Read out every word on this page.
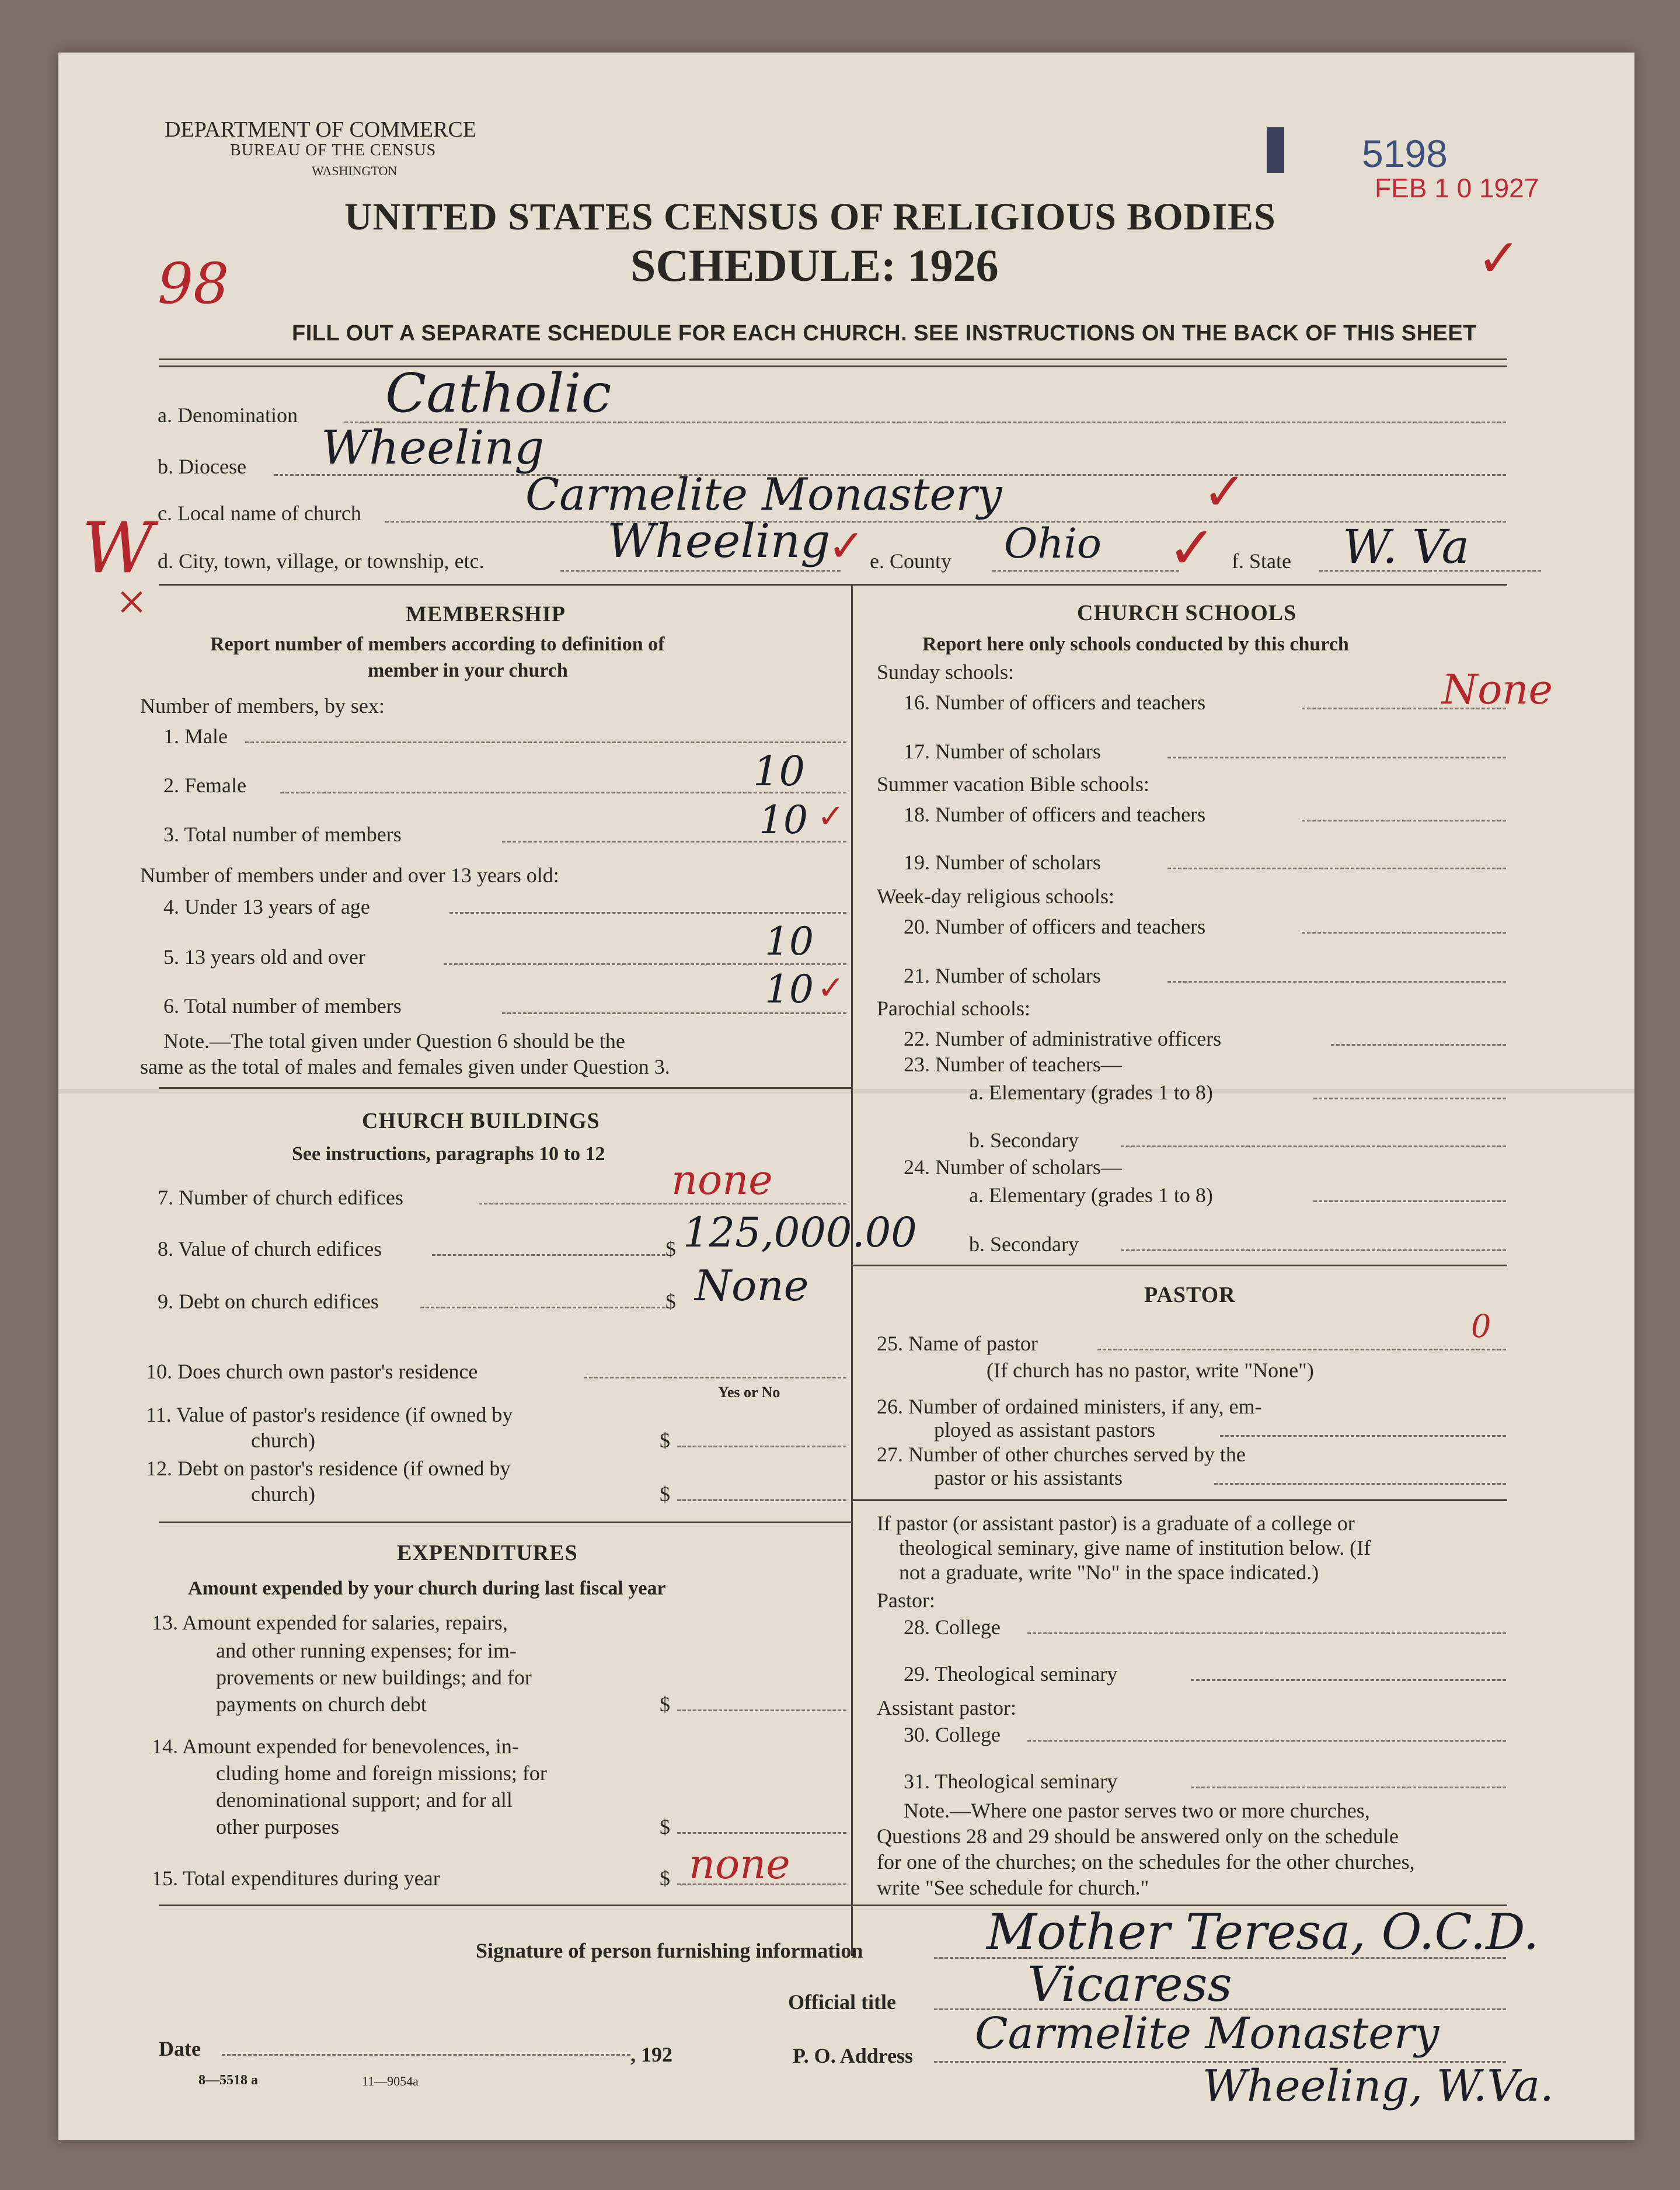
DEPARTMENT OF COMMERCE
BUREAU OF THE CENSUS
WASHINGTON	5198
FEB 1 0 1927
UNITED STATES CENSUS OF RELIGIOUS BODIES
98	SCHEDULE: 1926	✓
FILL OUT A SEPARATE SCHEDULE FOR EACH CHURCH. SEE INSTRUCTIONS ON THE BACK OF THIS SHEET
a. Denomination Catholic
b. Diocese Wheeling
c. Local name of church	Carmelite Monastery	✓
W
×
d. City, town, village, or township, etc.	Wheeling
✓ e. County Ohio ✓ f. State W. Va
MEMBERSHIP
Report number of members according to definition of
member in your church
Number of members, by sex:
1. Male
2. Female	10
3. Total number of members	10 ✓
Number of members under and over 13 years old:
4. Under 13 years of age
5. 13 years old and over	10
6. Total number of members	10 ✓
Note.—The total given under Question 6 should be the
same as the total of males and females given under Question 3.
CHURCH BUILDINGS
See instructions, paragraphs 10 to 12
7. Number of church edifices	none
8. Value of church edifices	$ 125,000.00
9. Debt on church edifices	$ None
10. Does church own pastor's residence
Yes or No
11. Value of pastor's residence (if owned by
church)	$
12. Debt on pastor's residence (if owned by
church)	$
EXPENDITURES
Amount expended by your church during last fiscal year
13. Amount expended for salaries, repairs,
and other running expenses; for im-
provements or new buildings; and for
payments on church debt	$
14. Amount expended for benevolences, in-
cluding home and foreign missions; for
denominational support; and for all
other purposes	$
15. Total expenditures during year	$ none
CHURCH SCHOOLS
Report here only schools conducted by this church
Sunday schools:
16. Number of officers and teachers	None
17. Number of scholars
Summer vacation Bible schools:
18. Number of officers and teachers
19. Number of scholars
Week-day religious schools:
20. Number of officers and teachers
21. Number of scholars
Parochial schools:
22. Number of administrative officers
23. Number of teachers—
a. Elementary (grades 1 to 8)
b. Secondary
24. Number of scholars—
a. Elementary (grades 1 to 8)
b. Secondary
PASTOR
25. Name of pastor	0
(If church has no pastor, write "None")
26. Number of ordained ministers, if any, em-
ployed as assistant pastors
27. Number of other churches served by the
pastor or his assistants
If pastor (or assistant pastor) is a graduate of a college or
theological seminary, give name of institution below. (If
not a graduate, write "No" in the space indicated.)
Pastor:
28. College
29. Theological seminary
Assistant pastor:
30. College
31. Theological seminary
Note.—Where one pastor serves two or more churches,
Questions 28 and 29 should be answered only on the schedule
for one of the churches; on the schedules for the other churches,
write "See schedule for church."
Signature of person furnishing information	Mother Teresa, O.C.D.
Official title	Vicaress
Date	, 192	P. O. Address Carmelite Monastery
Wheeling, W.Va.
8—5518 a	11—9054a
